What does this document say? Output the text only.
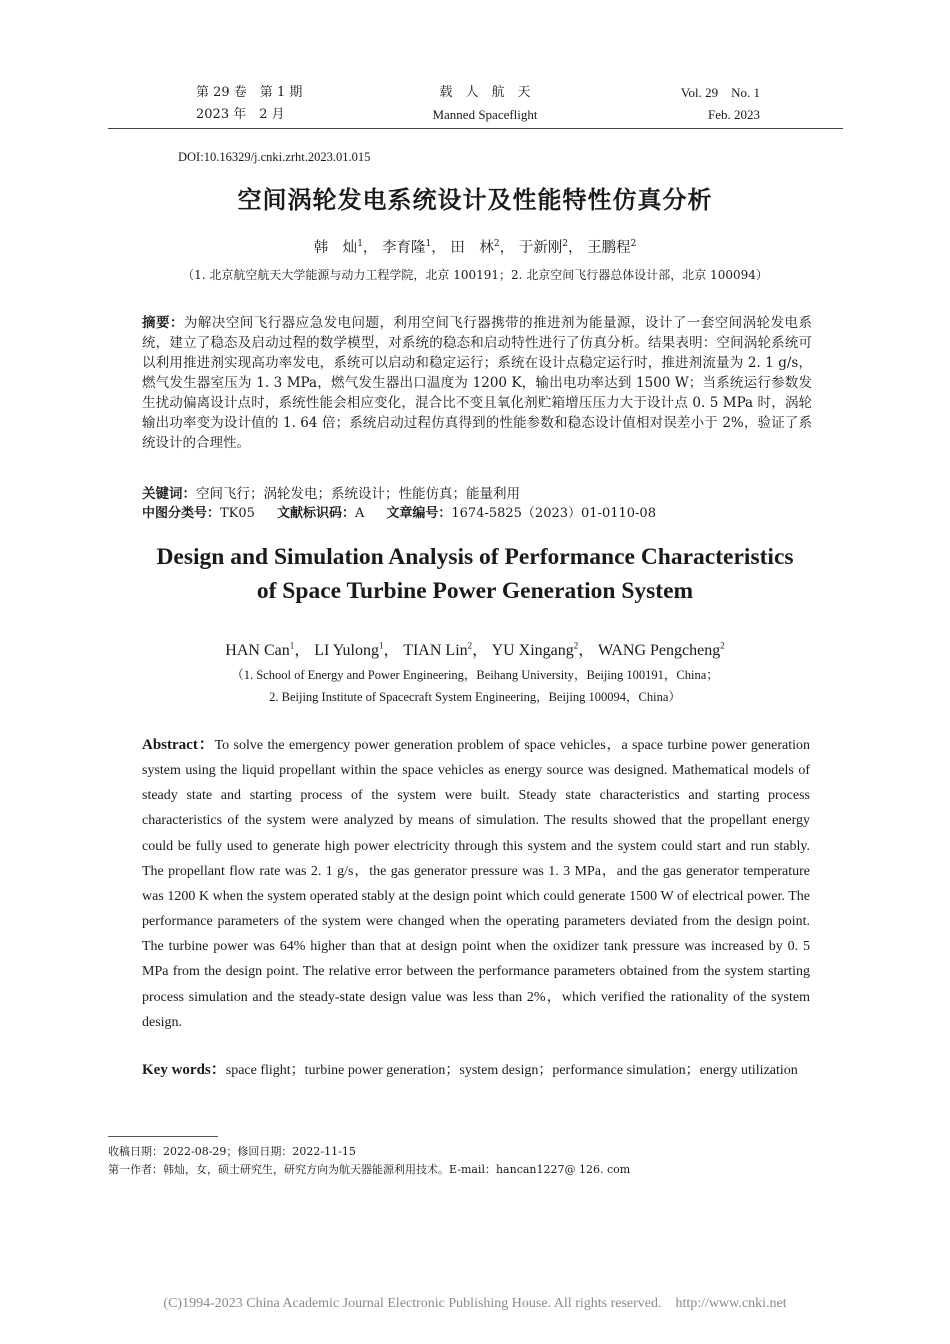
第 29 卷　第 1 期
2023 年　2 月
载　人　航　天
Manned Spaceflight
Vol. 29　No. 1
Feb. 2023
DOI:10.16329/j.cnki.zrht.2023.01.015
空间涡轮发电系统设计及性能特性仿真分析
韩　灿$^1$， 李育隆$^1$， 田　林$^2$， 于新刚$^2$， 王鹏程$^2$
（1. 北京航空航天大学能源与动力工程学院，北京 100191；2. 北京空间飞行器总体设计部，北京 100094）
摘要：为解决空间飞行器应急发电问题，利用空间飞行器携带的推进剂为能量源，设计了一套空间涡轮发电系统，建立了稳态及启动过程的数学模型，对系统的稳态和启动特性进行了仿真分析。结果表明：空间涡轮系统可以利用推进剂实现高功率发电，系统可以启动和稳定运行；系统在设计点稳定运行时，推进剂流量为 2. 1 g/s，燃气发生器室压为 1. 3 MPa，燃气发生器出口温度为 1200 K，输出电功率达到 1500 W；当系统运行参数发生扰动偏离设计点时，系统性能会相应变化，混合比不变且氧化剂贮箱增压压力大于设计点 0. 5 MPa 时，涡轮输出功率变为设计值的 1. 64 倍；系统启动过程仿真得到的性能参数和稳态设计值相对误差小于 2%，验证了系统设计的合理性。
关键词：空间飞行；涡轮发电；系统设计；性能仿真；能量利用
中图分类号：TK05 文献标识码：A 文章编号：1674-5825（2023）01-0110-08
Design and Simulation Analysis of Performance Characteristics
of Space Turbine Power Generation System
HAN Can$^1$， LI Yulong$^1$， TIAN Lin$^2$， YU Xingang$^2$， WANG Pengcheng$^2$
（1. School of Energy and Power Engineering，Beihang University，Beijing 100191，China；
2. Beijing Institute of Spacecraft System Engineering，Beijing 100094，China）
Abstract：To solve the emergency power generation problem of space vehicles，a space turbine power generation system using the liquid propellant within the space vehicles as energy source was designed. Mathematical models of steady state and starting process of the system were built. Steady state characteristics and starting process characteristics of the system were analyzed by means of simulation. The results showed that the propellant energy could be fully used to generate high power electricity through this system and the system could start and run stably. The propellant flow rate was 2. 1 g/s，the gas generator pressure was 1. 3 MPa，and the gas generator temperature was 1200 K when the system operated stably at the design point which could generate 1500 W of electrical power. The performance parameters of the system were changed when the operating parameters deviated from the design point. The turbine power was 64% higher than that at design point when the oxidizer tank pressure was increased by 0. 5 MPa from the design point. The relative error between the performance parameters obtained from the system starting process simulation and the steady-state design value was less than 2%，which verified the rationality of the system design.
Key words：space flight；turbine power generation；system design；performance simulation；energy utilization
收稿日期：2022-08-29；修回日期：2022-11-15
第一作者：韩灿，女，硕士研究生，研究方向为航天器能源利用技术。E-mail：hancan1227@ 126. com
(C)1994-2023 China Academic Journal Electronic Publishing House. All rights reserved. http://www.cnki.net
